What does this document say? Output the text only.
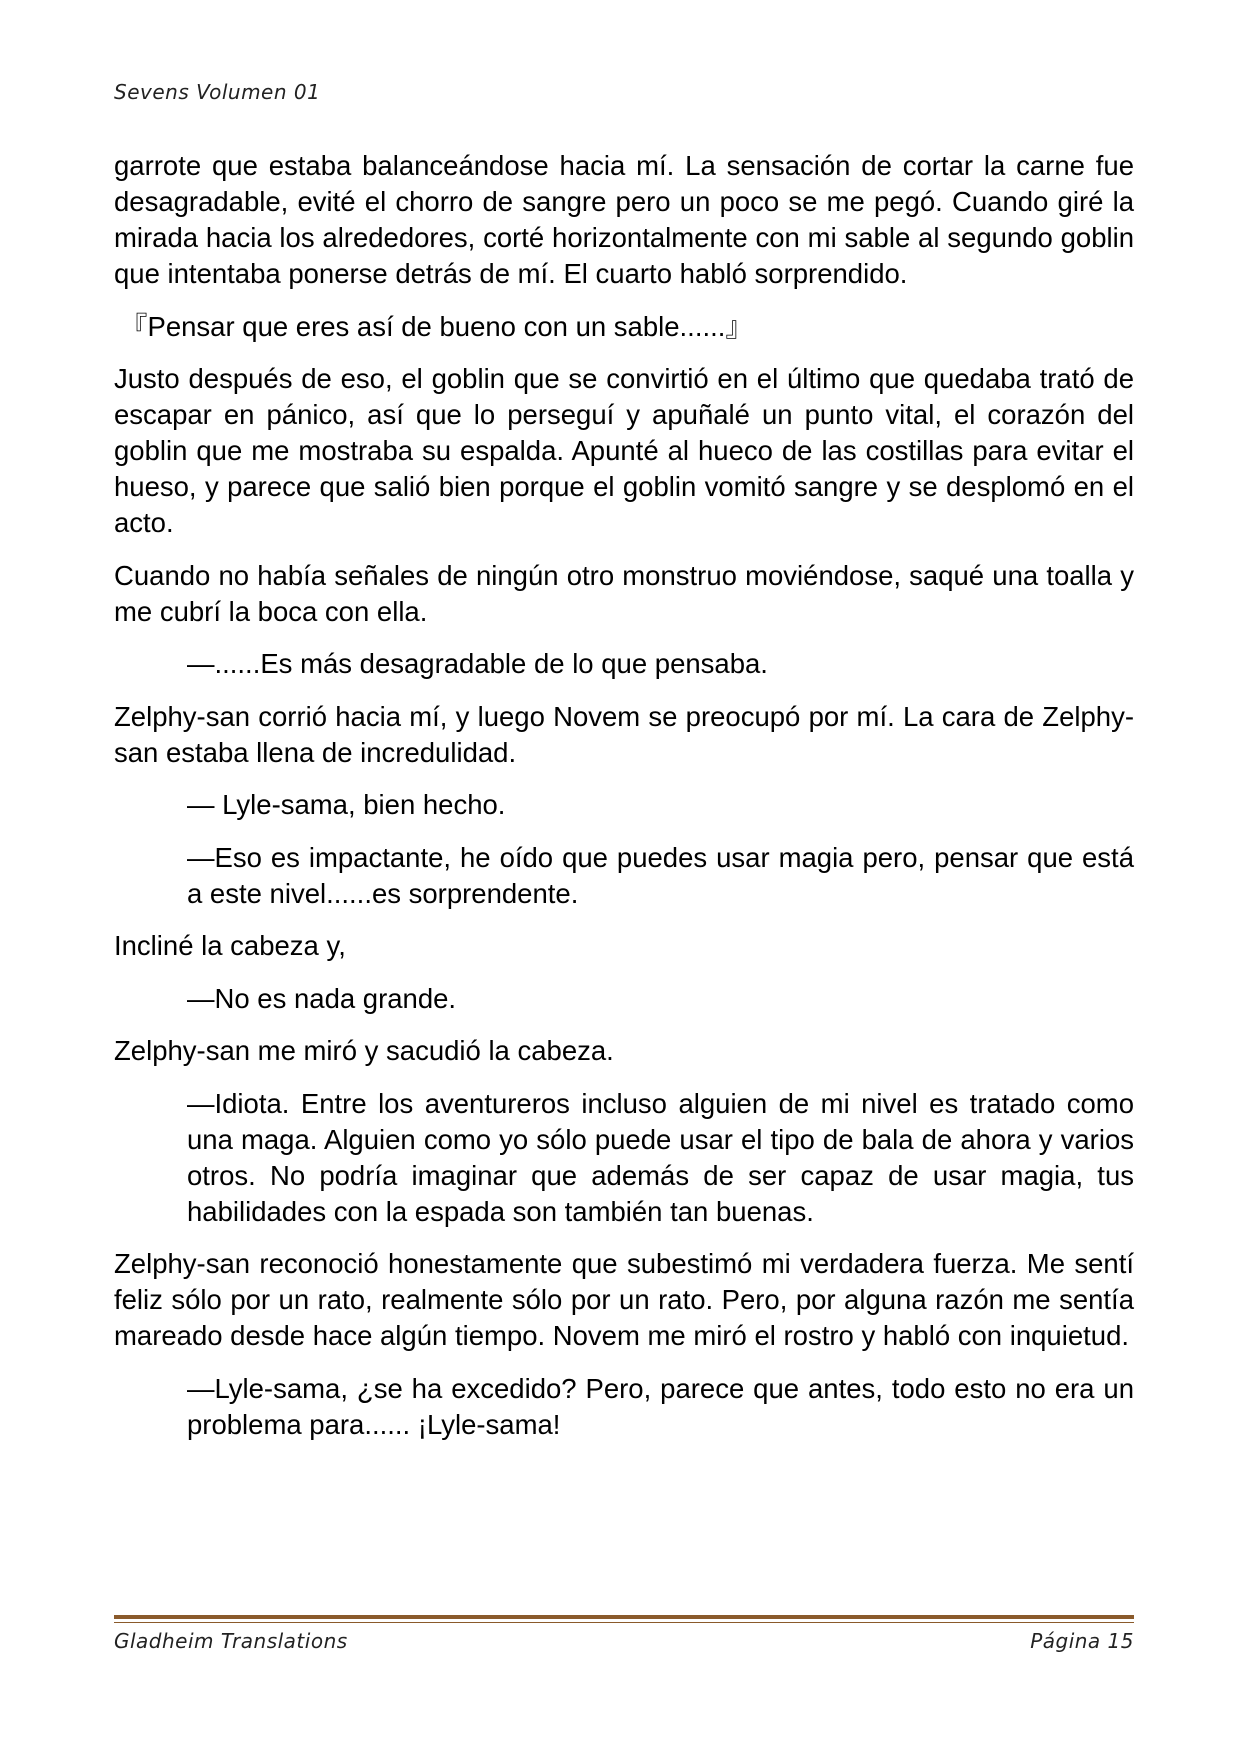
Sevens Volumen 01

garrote que estaba balanceándose hacia mí. La sensación de cortar la carne fue desagradable, evité el chorro de sangre pero un poco se me pegó. Cuando giré la mirada hacia los alrededores, corté horizontalmente con mi sable al segundo goblin que intentaba ponerse detrás de mí. El cuarto habló sorprendido.

『Pensar que eres así de bueno con un sable......』

Justo después de eso, el goblin que se convirtió en el último que quedaba trató de escapar en pánico, así que lo perseguí y apuñalé un punto vital, el corazón del goblin que me mostraba su espalda. Apunté al hueco de las costillas para evitar el hueso, y parece que salió bien porque el goblin vomitó sangre y se desplomó en el acto.

Cuando no había señales de ningún otro monstruo moviéndose, saqué una toalla y me cubrí la boca con ella.

—......Es más desagradable de lo que pensaba.

Zelphy-san corrió hacia mí, y luego Novem se preocupó por mí. La cara de Zelphy-san estaba llena de incredulidad.

— Lyle-sama, bien hecho.

—Eso es impactante, he oído que puedes usar magia pero, pensar que está a este nivel......es sorprendente.

Incliné la cabeza y,

—No es nada grande.

Zelphy-san me miró y sacudió la cabeza.

—Idiota. Entre los aventureros incluso alguien de mi nivel es tratado como una maga. Alguien como yo sólo puede usar el tipo de bala de ahora y varios otros. No podría imaginar que además de ser capaz de usar magia, tus habilidades con la espada son también tan buenas.

Zelphy-san reconoció honestamente que subestimó mi verdadera fuerza. Me sentí feliz sólo por un rato, realmente sólo por un rato. Pero, por alguna razón me sentía mareado desde hace algún tiempo. Novem me miró el rostro y habló con inquietud.

—Lyle-sama, ¿se ha excedido? Pero, parece que antes, todo esto no era un problema para...... ¡Lyle-sama!

Gladheim Translations	Página 15
